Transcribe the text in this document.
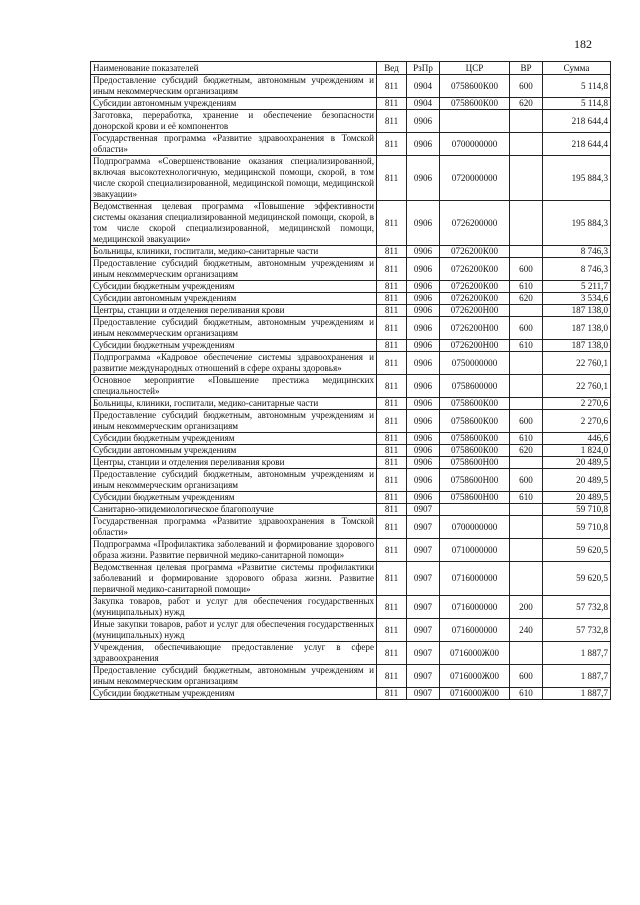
182
Наименование показателей	Вед	РзПр	ЦСР	ВР	Сумма
Предоставление субсидий бюджетным, автономным учреждениям и иным некоммерческим организациям	811	0904	0758600К00	600	5 114,8
Субсидии автономным учреждениям	811	0904	0758600К00	620	5 114,8
Заготовка, переработка, хранение и обеспечение безопасности донорской крови и её компонентов	811	0906			218 644,4
Государственная программа «Развитие здравоохранения в Томской области»	811	0906	0700000000		218 644,4
Подпрограмма «Совершенствование оказания специализированной, включая высокотехнологичную, медицинской помощи, скорой, в том числе скорой специализированной, медицинской помощи, медицинской эвакуации»	811	0906	0720000000		195 884,3
Ведомственная целевая программа «Повышение эффективности системы оказания специализированной медицинской помощи, скорой, в том числе скорой специализированной, медицинской помощи, медицинской эвакуации»	811	0906	0726200000		195 884,3
Больницы, клиники, госпитали, медико-санитарные части	811	0906	0726200К00		8 746,3
Предоставление субсидий бюджетным, автономным учреждениям и иным некоммерческим организациям	811	0906	0726200К00	600	8 746,3
Субсидии бюджетным учреждениям	811	0906	0726200К00	610	5 211,7
Субсидии автономным учреждениям	811	0906	0726200К00	620	3 534,6
Центры, станции и отделения переливания крови	811	0906	0726200Н00		187 138,0
Предоставление субсидий бюджетным, автономным учреждениям и иным некоммерческим организациям	811	0906	0726200Н00	600	187 138,0
Субсидии бюджетным учреждениям	811	0906	0726200Н00	610	187 138,0
Подпрограмма «Кадровое обеспечение системы здравоохранения и развитие международных отношений в сфере охраны здоровья»	811	0906	0750000000		22 760,1
Основное мероприятие «Повышение престижа медицинских специальностей»	811	0906	0758600000		22 760,1
Больницы, клиники, госпитали, медико-санитарные части	811	0906	0758600К00		2 270,6
Предоставление субсидий бюджетным, автономным учреждениям и иным некоммерческим организациям	811	0906	0758600К00	600	2 270,6
Субсидии бюджетным учреждениям	811	0906	0758600К00	610	446,6
Субсидии автономным учреждениям	811	0906	0758600К00	620	1 824,0
Центры, станции и отделения переливания крови	811	0906	0758600Н00		20 489,5
Предоставление субсидий бюджетным, автономным учреждениям и иным некоммерческим организациям	811	0906	0758600Н00	600	20 489,5
Субсидии бюджетным учреждениям	811	0906	0758600Н00	610	20 489,5
Санитарно-эпидемиологическое благополучие	811	0907			59 710,8
Государственная программа «Развитие здравоохранения в Томской области»	811	0907	0700000000		59 710,8
Подпрограмма «Профилактика заболеваний и формирование здорового образа жизни. Развитие первичной медико-санитарной помощи»	811	0907	0710000000		59 620,5
Ведомственная целевая программа «Развитие системы профилактики заболеваний и формирование здорового образа жизни. Развитие первичной медико-санитарной помощи»	811	0907	0716000000		59 620,5
Закупка товаров, работ и услуг для обеспечения государственных (муниципальных) нужд	811	0907	0716000000	200	57 732,8
Иные закупки товаров, работ и услуг для обеспечения государственных (муниципальных) нужд	811	0907	0716000000	240	57 732,8
Учреждения, обеспечивающие предоставление услуг в сфере здравоохранения	811	0907	0716000Ж00		1 887,7
Предоставление субсидий бюджетным, автономным учреждениям и иным некоммерческим организациям	811	0907	0716000Ж00	600	1 887,7
Субсидии бюджетным учреждениям	811	0907	0716000Ж00	610	1 887,7
